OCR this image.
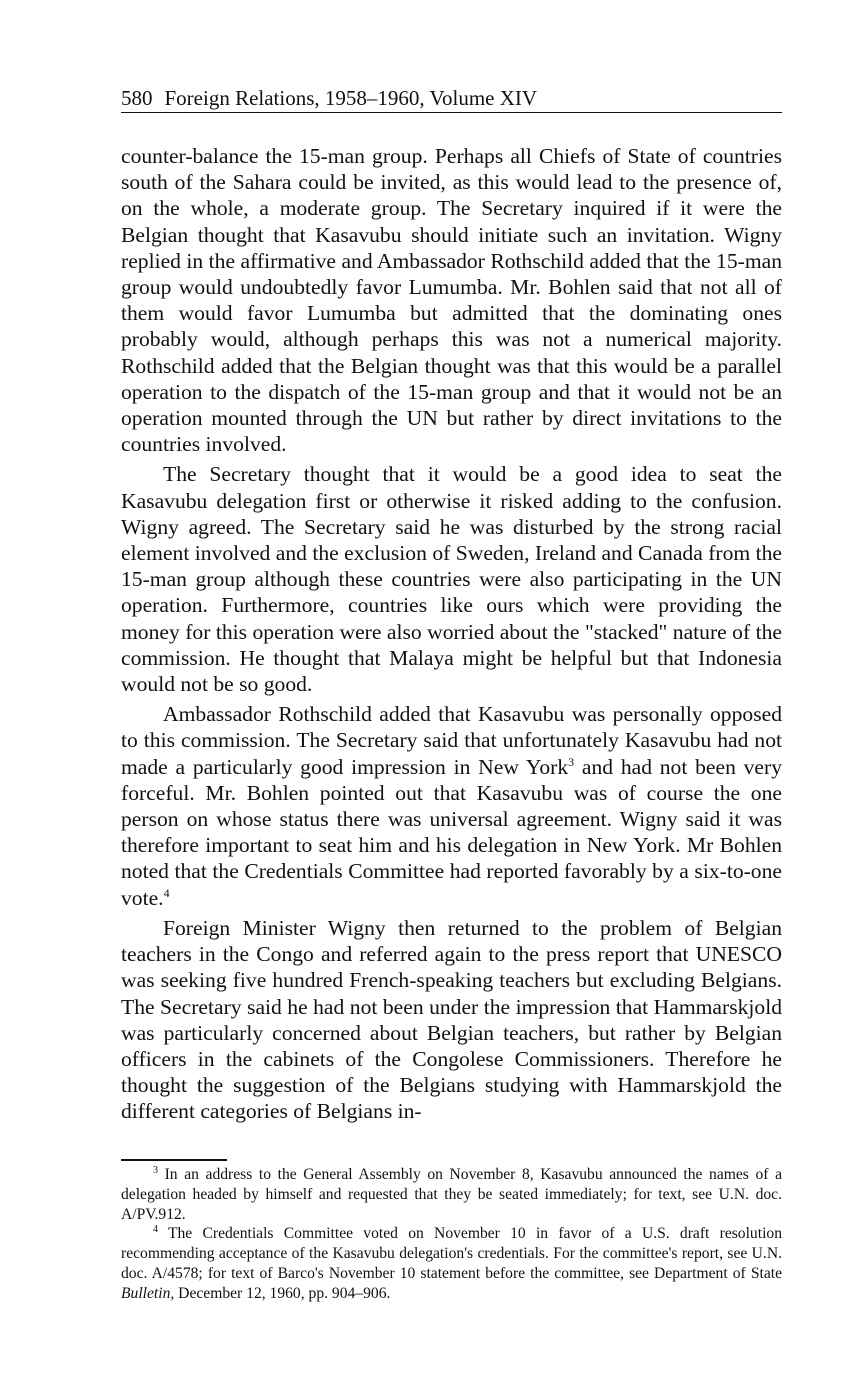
580 Foreign Relations, 1958–1960, Volume XIV

counter-balance the 15-man group. Perhaps all Chiefs of State of countries south of the Sahara could be invited, as this would lead to the presence of, on the whole, a moderate group. The Secretary inquired if it were the Belgian thought that Kasavubu should initiate such an invitation. Wigny replied in the affirmative and Ambassador Rothschild added that the 15-man group would undoubtedly favor Lumumba. Mr. Bohlen said that not all of them would favor Lumumba but admitted that the dominating ones probably would, although perhaps this was not a numerical majority. Rothschild added that the Belgian thought was that this would be a parallel operation to the dispatch of the 15-man group and that it would not be an operation mounted through the UN but rather by direct invitations to the countries involved.

The Secretary thought that it would be a good idea to seat the Kasavubu delegation first or otherwise it risked adding to the confusion. Wigny agreed. The Secretary said he was disturbed by the strong racial element involved and the exclusion of Sweden, Ireland and Canada from the 15-man group although these countries were also participating in the UN operation. Furthermore, countries like ours which were providing the money for this operation were also worried about the "stacked" nature of the commission. He thought that Malaya might be helpful but that Indonesia would not be so good.

Ambassador Rothschild added that Kasavubu was personally opposed to this commission. The Secretary said that unfortunately Kasavubu had not made a particularly good impression in New York$^3$ and had not been very forceful. Mr. Bohlen pointed out that Kasavubu was of course the one person on whose status there was universal agreement. Wigny said it was therefore important to seat him and his delegation in New York. Mr Bohlen noted that the Credentials Committee had reported favorably by a six-to-one vote.$^4$

Foreign Minister Wigny then returned to the problem of Belgian teachers in the Congo and referred again to the press report that UNESCO was seeking five hundred French-speaking teachers but excluding Belgians. The Secretary said he had not been under the impression that Hammarskjold was particularly concerned about Belgian teachers, but rather by Belgian officers in the cabinets of the Congolese Commissioners. Therefore he thought the suggestion of the Belgians studying with Hammarskjold the different categories of Belgians in-

$^3$ In an address to the General Assembly on November 8, Kasavubu announced the names of a delegation headed by himself and requested that they be seated immediately; for text, see U.N. doc. A/PV.912.

$^4$ The Credentials Committee voted on November 10 in favor of a U.S. draft resolution recommending acceptance of the Kasavubu delegation's credentials. For the committee's report, see U.N. doc. A/4578; for text of Barco's November 10 statement before the committee, see Department of State Bulletin, December 12, 1960, pp. 904–906.
